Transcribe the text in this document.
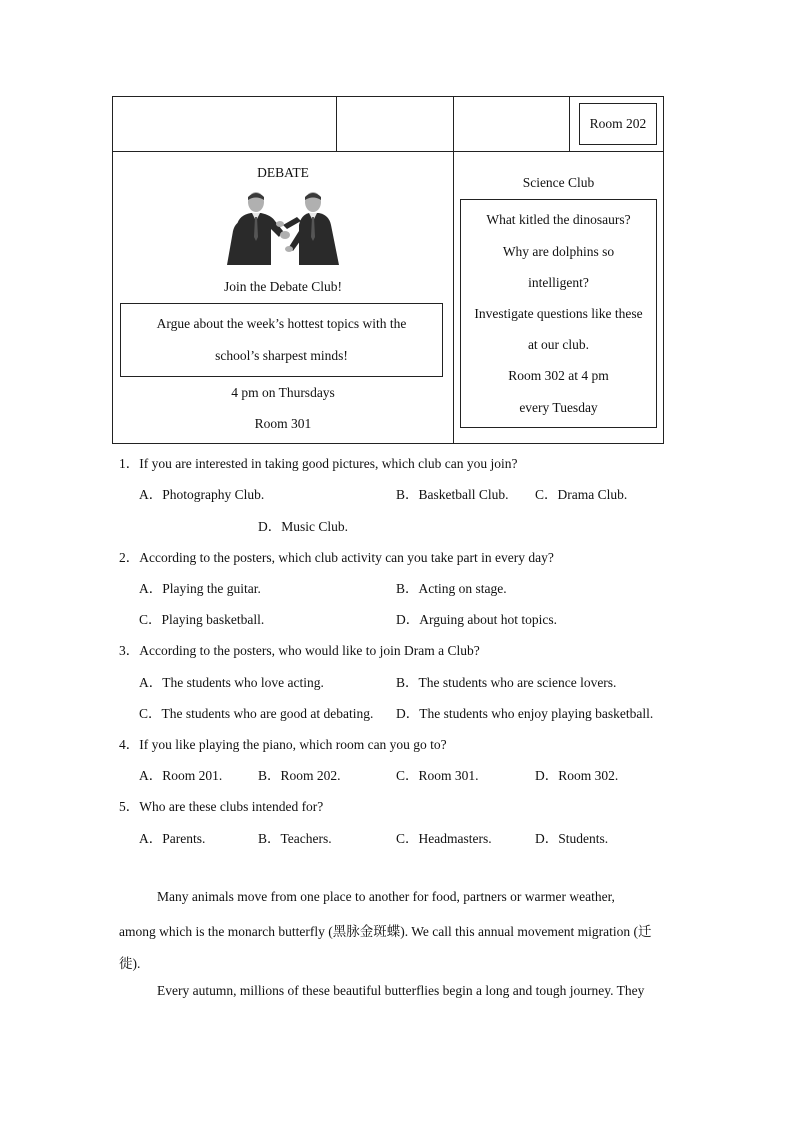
Room 202
DEBATE
Join the Debate Club!
Argue about the week’s hottest topics with the
school’s sharpest minds!
4 pm on Thursdays
Room 301
Science Club
What kitled the dinosaurs?
Why are dolphins so
intelligent?
Investigate questions like these
at our club.
Room 302 at 4 pm
every Tuesday
1．If you are interested in taking good pictures, which club can you join?
A．Photography Club.	B．Basketball Club. C．Drama Club.
D．Music Club.
2．According to the posters, which club activity can you take part in every day?
A．Playing the guitar.	B．Acting on stage.
C．Playing basketball.	D．Arguing about hot topics.
3．According to the posters, who would like to join Dram a Club?
A．The students who love acting.	B．The students who are science lovers.
C．The students who are good at debating. D．The students who enjoy playing basketball.
4．If you like playing the piano, which room can you go to?
A．Room 201.	B．Room 202.	C．Room 301.	D．Room 302.
5．Who are these clubs intended for?
A．Parents.	B．Teachers.	C．Headmasters.	D．Students.
Many animals move from one place to another for food, partners or warmer weather,
among which is the monarch butterfly (黑脉金斑蝶). We call this annual movement migration (迁
徙).
Every autumn, millions of these beautiful butterflies begin a long and tough journey. They
